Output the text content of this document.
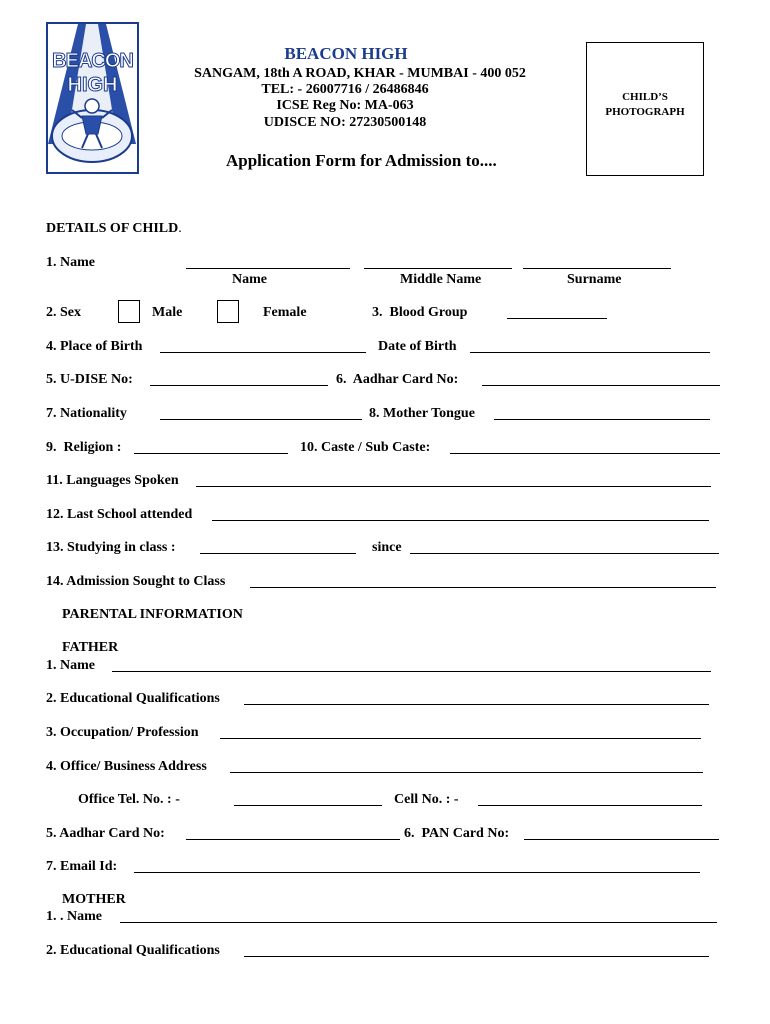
BEACON
HIGH
BEACON HIGH
SANGAM, 18th A ROAD, KHAR - MUMBAI - 400 052
TEL: - 26007716 / 26486846
ICSE Reg No: MA-063
UDISCE NO: 27230500148
CHILD’S
PHOTOGRAPH
Application Form for Admission to....
DETAILS OF CHILD.
1. Name
Name	Middle Name	Surname
2. Sex	Male	Female	3.  Blood Group
4. Place of Birth	Date of Birth
5. U-DISE No:	6.  Aadhar Card No:
7. Nationality	8. Mother Tongue
9.  Religion :	10. Caste / Sub Caste:
11. Languages Spoken
12. Last School attended
13. Studying in class :	since
14. Admission Sought to Class
PARENTAL INFORMATION
FATHER
1. Name
2. Educational Qualifications
3. Occupation/ Profession
4. Office/ Business Address
Office Tel. No. : -	Cell No. : -
5. Aadhar Card No:	6.  PAN Card No:
7. Email Id:
MOTHER
1. . Name
2. Educational Qualifications
